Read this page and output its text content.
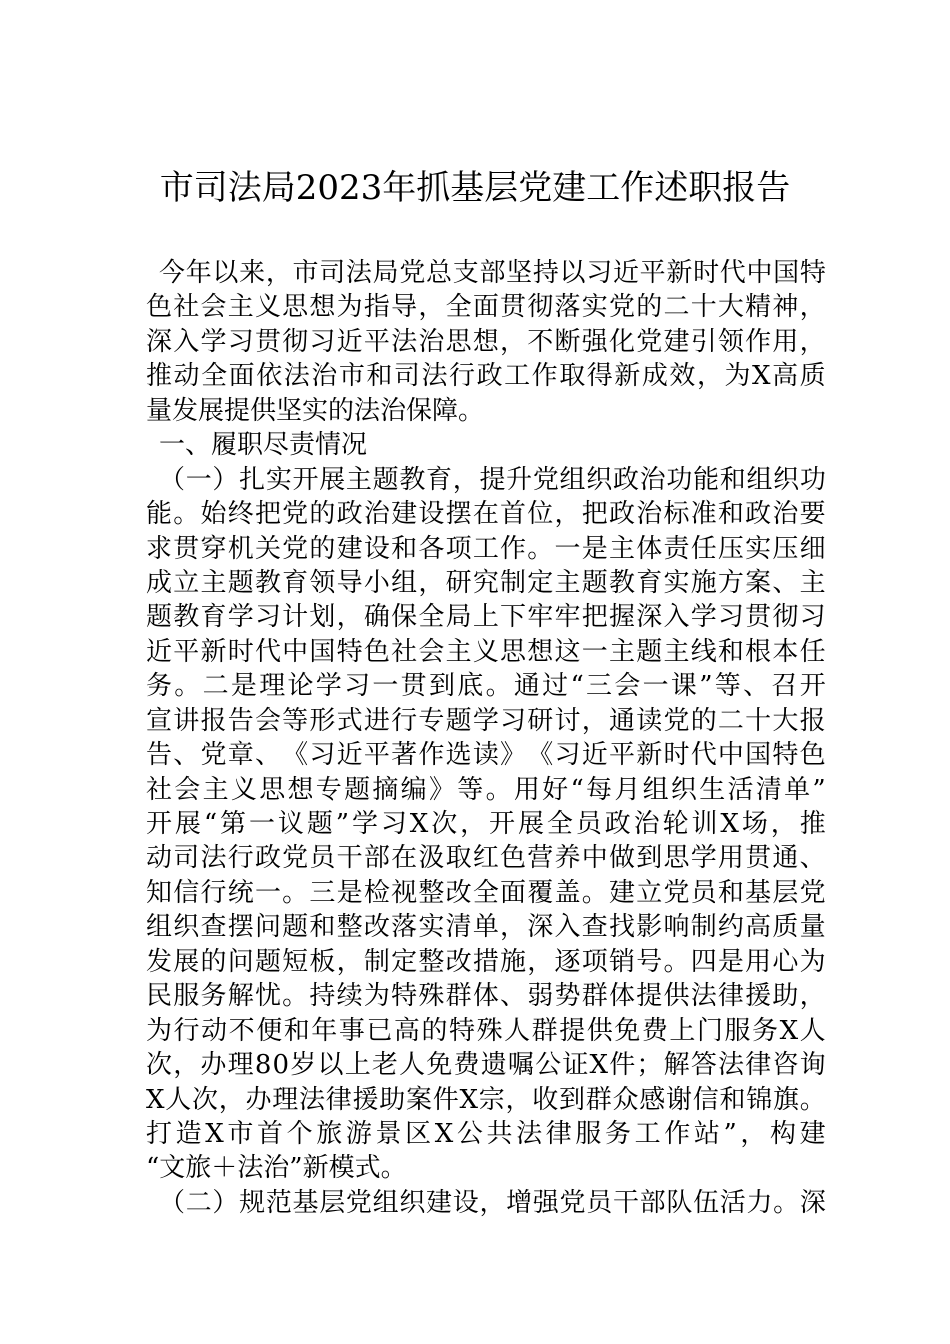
市司法局2023年抓基层党建工作述职报告
今 年 以 来 ， 市 司 法 局 党 总 支 部 坚 持 以 习 近 平 新 时 代 中 国 特
色 社 会 主 义 思 想 为 指 导 ， 全 面 贯 彻 落 实 党 的 二 十 大 精 神 ，
深 入 学 习 贯 彻 习 近 平 法 治 思 想 ， 不 断 强 化 党 建 引 领 作 用 ，
推 动 全 面 依 法 治 市 和 司 法 行 政 工 作 取 得 新 成 效 ， 为 X 高 质
量发展提供坚实的法治保障。
一、履职尽责情况
（ 一 ） 扎 实 开 展 主 题 教 育 ， 提 升 党 组 织 政 治 功 能 和 组 织 功
能 。 始 终 把 党 的 政 治 建 设 摆 在 首 位 ， 把 政 治 标 准 和 政 治 要
求 贯 穿 机 关 党 的 建 设 和 各 项 工 作 。 一 是 主 体 责 任 压 实 压 细
成 立 主 题 教 育 领 导 小 组 ， 研 究 制 定 主 题 教 育 实 施 方 案 、 主
题 教 育 学 习 计 划 ， 确 保 全 局 上 下 牢 牢 把 握 深 入 学 习 贯 彻 习
近 平 新 时 代 中 国 特 色 社 会 主 义 思 想 这 一 主 题 主 线 和 根 本 任
务 。 二 是 理 论 学 习 一 贯 到 底 。 通 过 “ 三 会 一 课 ” 等 、 召 开
宣 讲 报 告 会 等 形 式 进 行 专 题 学 习 研 讨 ， 通 读 党 的 二 十 大 报
告 、 党 章 、 《 习 近 平 著 作 选 读 》 《 习 近 平 新 时 代 中 国 特 色
社 会 主 义 思 想 专 题 摘 编 》 等 。 用 好 “ 每 月 组 织 生 活 清 单 ”
开 展 “ 第 一 议 题 ” 学 习 X 次 ， 开 展 全 员 政 治 轮 训 X 场 ， 推
动 司 法 行 政 党 员 干 部 在 汲 取 红 色 营 养 中 做 到 思 学 用 贯 通 、
知 信 行 统 一 。 三 是 检 视 整 改 全 面 覆 盖 。 建 立 党 员 和 基 层 党
组 织 查 摆 问 题 和 整 改 落 实 清 单 ， 深 入 查 找 影 响 制 约 高 质 量
发 展 的 问 题 短 板 ， 制 定 整 改 措 施 ， 逐 项 销 号 。 四 是 用 心 为
民 服 务 解 忧 。 持 续 为 特 殊 群 体 、 弱 势 群 体 提 供 法 律 援 助 ，
为 行 动 不 便 和 年 事 已 高 的 特 殊 人 群 提 供 免 费 上 门 服 务 X 人
次 ， 办 理 8 0 岁 以 上 老 人 免 费 遗 嘱 公 证 X 件 ； 解 答 法 律 咨 询
X 人 次 ， 办 理 法 律 援 助 案 件 X 宗 ， 收 到 群 众 感 谢 信 和 锦 旗 。
打 造 X 市 首 个 旅 游 景 区 X 公 共 法 律 服 务 工 作 站 ” ， 构 建
“文旅＋法治”新模式。
（ 二 ） 规 范 基 层 党 组 织 建 设 ， 增 强 党 员 干 部 队 伍 活 力 。 深
